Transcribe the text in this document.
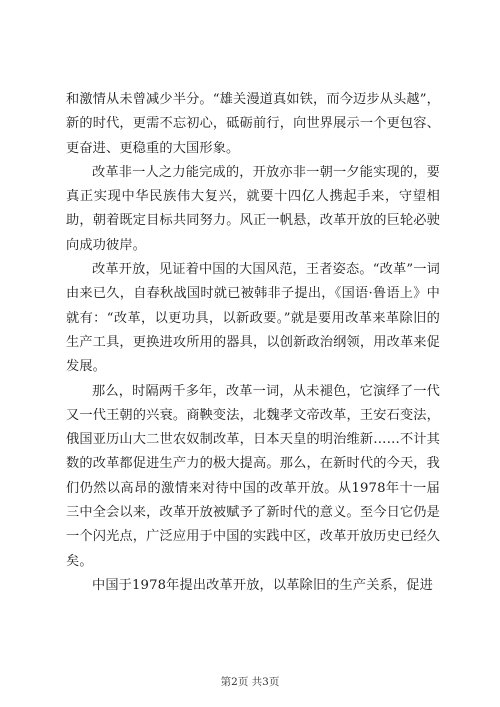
和激情从未曾减少半分。“雄关漫道真如铁，而今迈步从头越”，新的时代，更需不忘初心，砥砺前行，向世界展示一个更包容、更奋进、更稳重的大国形象。

改革非一人之力能完成的，开放亦非一朝一夕能实现的，要真正实现中华民族伟大复兴，就要十四亿人携起手来，守望相助，朝着既定目标共同努力。风正一帆悬，改革开放的巨轮必驶向成功彼岸。

改革开放，见证着中国的大国风范，王者姿态。“改革”一词由来已久，自春秋战国时就已被韩非子提出，《国语·鲁语上》中就有：“改革，以更功具，以新政要。”就是要用改革来革除旧的生产工具，更换进攻所用的器具，以创新政治纲领，用改革来促发展。

那么，时隔两千多年，改革一词，从未褪色，它演绎了一代又一代王朝的兴衰。商鞅变法，北魏孝文帝改革，王安石变法，俄国亚历山大二世农奴制改革，日本天皇的明治维新……不计其数的改革都促进生产力的极大提高。那么，在新时代的今天，我们仍然以高昂的激情来对待中国的改革开放。从1978年十一届三中全会以来，改革开放被赋予了新时代的意义。至今日它仍是一个闪光点，广泛应用于中国的实践中区，改革开放历史已经久矣。

中国于1978年提出改革开放，以革除旧的生产关系，促进

第2页 共3页
